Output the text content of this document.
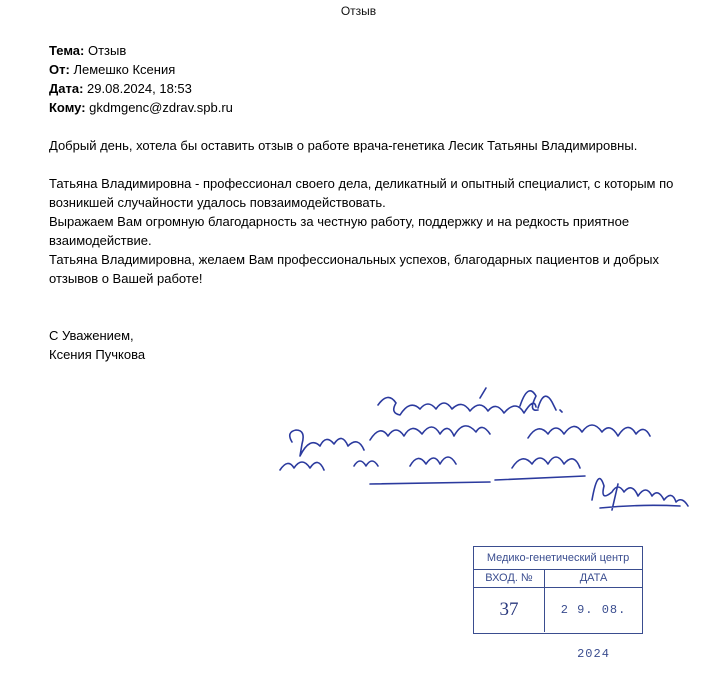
Отзыв
Тема: Отзыв
От: Лемешко Ксения
Дата: 29.08.2024, 18:53
Кому: gkdmgenc@zdrav.spb.ru

Добрый день, хотела бы оставить отзыв о работе врача-генетика Лесик Татьяны Владимировны.

Татьяна Владимировна - профессионал своего дела, деликатный и опытный специалист, с которым по возникшей случайности удалось повзаимодействовать.

Выражаем Вам огромную благодарность за честную работу, поддержку и на редкость приятное взаимодействие.

Татьяна Владимировна, желаем Вам профессиональных успехов, благодарных пациентов и добрых отзывов о Вашей работе!

С Уважением,
Ксения Пучкова
Медико-генетический центр
ВХОД. №	ДАТА
37	2 9. 08. 2024
